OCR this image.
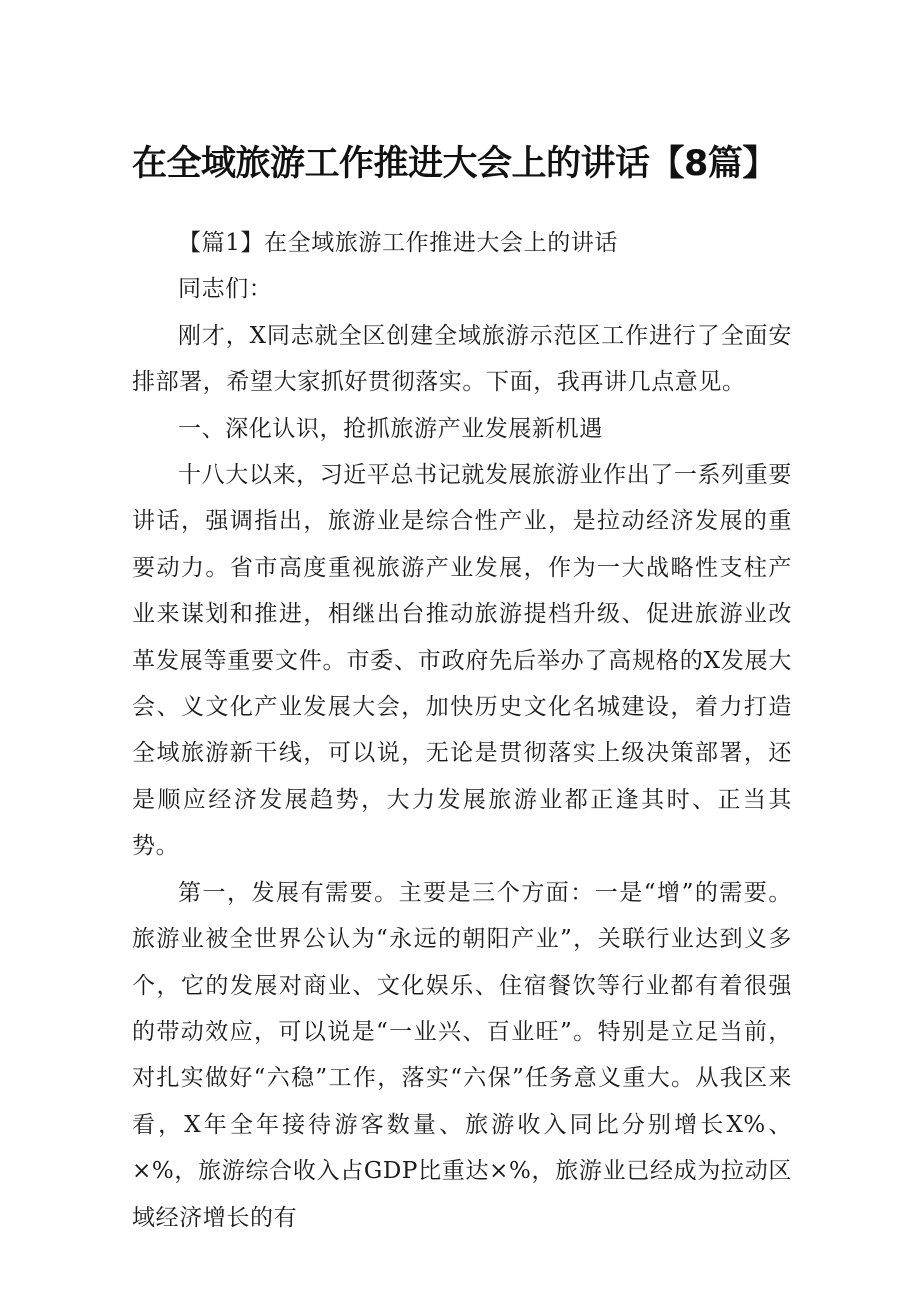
在全域旅游工作推进大会上的讲话【8篇】

【篇1】在全域旅游工作推进大会上的讲话

同志们：

刚才，X同志就全区创建全域旅游示范区工作进行了全面安排部署，希望大家抓好贯彻落实。下面，我再讲几点意见。

一、深化认识，抢抓旅游产业发展新机遇

十八大以来，习近平总书记就发展旅游业作出了一系列重要讲话，强调指出，旅游业是综合性产业，是拉动经济发展的重要动力。省市高度重视旅游产业发展，作为一大战略性支柱产业来谋划和推进，相继出台推动旅游提档升级、促进旅游业改革发展等重要文件。市委、市政府先后举办了高规格的X发展大会、义文化产业发展大会，加快历史文化名城建设，着力打造全域旅游新干线，可以说，无论是贯彻落实上级决策部署，还是顺应经济发展趋势，大力发展旅游业都正逢其时、正当其势。

第一，发展有需要。主要是三个方面：一是“增”的需要。旅游业被全世界公认为“永远的朝阳产业”，关联行业达到义多个，它的发展对商业、文化娱乐、住宿餐饮等行业都有着很强的带动效应，可以说是“一业兴、百业旺”。特别是立足当前，对扎实做好“六稳”工作，落实“六保”任务意义重大。从我区来看，X年全年接待游客数量、旅游收入同比分别增长X%、×%，旅游综合收入占GDP比重达×%，旅游业已经成为拉动区域经济增长的有
